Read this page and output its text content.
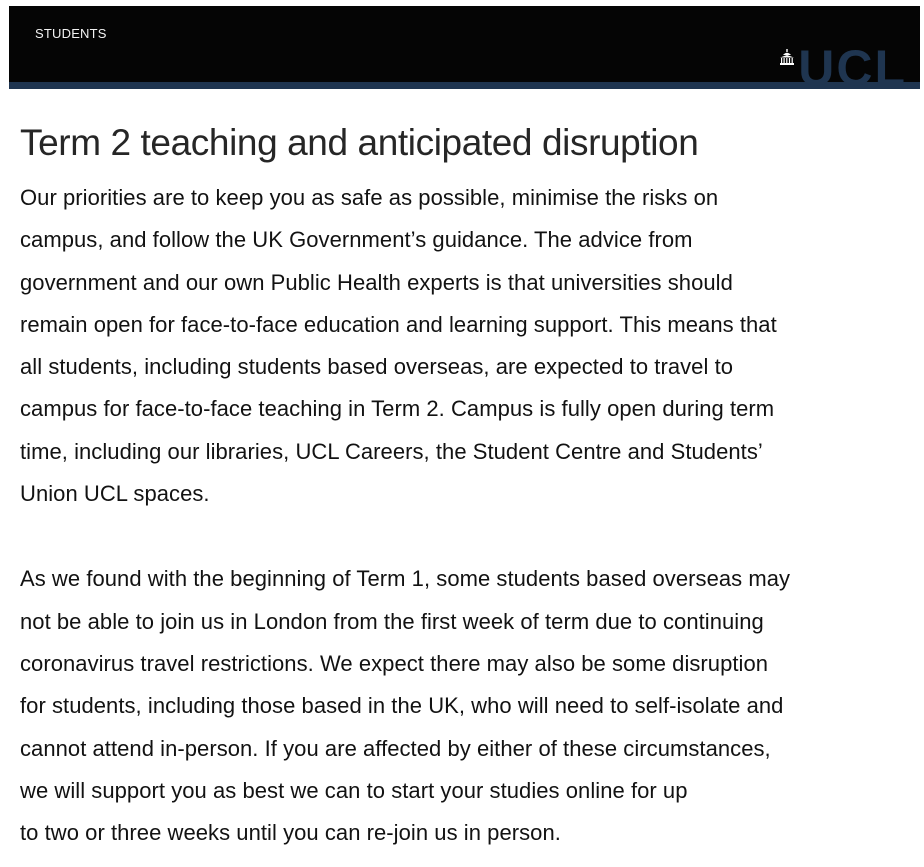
STUDENTS
UCL
Term 2 teaching and anticipated disruption

Our priorities are to keep you as safe as possible, minimise the risks on
campus, and follow the UK Government’s guidance. The advice from
government and our own Public Health experts is that universities should
remain open for face-to-face education and learning support. This means that
all students, including students based overseas, are expected to travel to
campus for face-to-face teaching in Term 2. Campus is fully open during term
time, including our libraries, UCL Careers, the Student Centre and Students’
Union UCL spaces.

As we found with the beginning of Term 1, some students based overseas may
not be able to join us in London from the first week of term due to continuing
coronavirus travel restrictions. We expect there may also be some disruption
for students, including those based in the UK, who will need to self-isolate and
cannot attend in-person. If you are affected by either of these circumstances,
we will support you as best we can to start your studies online for up
to two or three weeks until you can re-join us in person.
